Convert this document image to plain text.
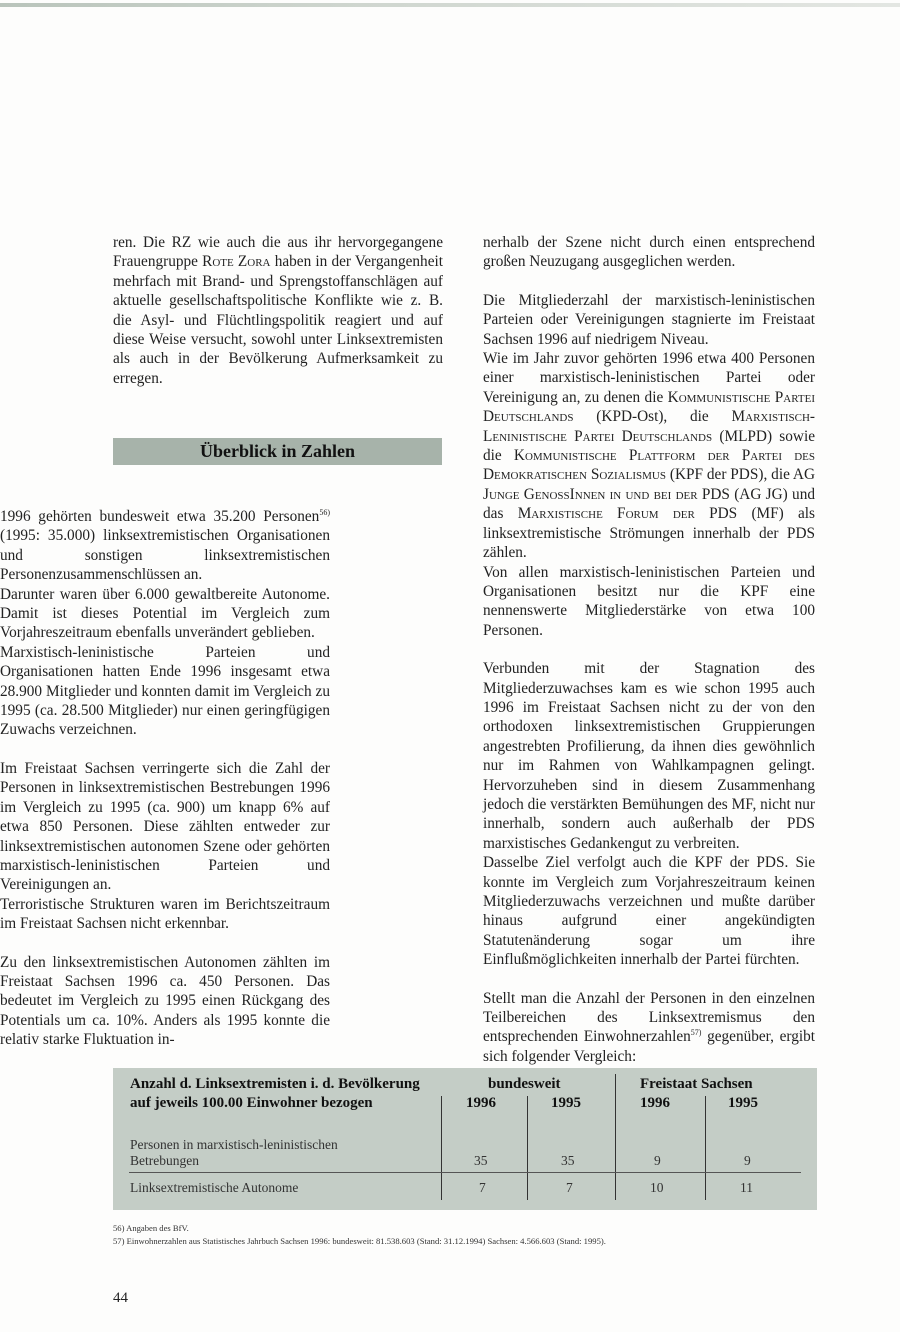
ren. Die RZ wie auch die aus ihr hervorgegangene Frauengruppe Rote Zora haben in der Vergangenheit mehrfach mit Brand- und Sprengstoffanschlägen auf aktuelle gesellschaftspolitische Konflikte wie z. B. die Asyl- und Flüchtlingspolitik reagiert und auf diese Weise versucht, sowohl unter Linksextremisten als auch in der Bevölkerung Aufmerksamkeit zu erregen.

Überblick in Zahlen

1996 gehörten bundesweit etwa 35.200 Personen$^{56)}$ (1995: 35.000) linksextremistischen Organisationen und sonstigen linksextremistischen Personenzusammenschlüssen an.

Darunter waren über 6.000 gewaltbereite Autonome. Damit ist dieses Potential im Vergleich zum Vorjahreszeitraum ebenfalls unverändert geblieben.

Marxistisch-leninistische Parteien und Organisationen hatten Ende 1996 insgesamt etwa 28.900 Mitglieder und konnten damit im Vergleich zu 1995 (ca. 28.500 Mitglieder) nur einen geringfügigen Zuwachs verzeichnen.

Im Freistaat Sachsen verringerte sich die Zahl der Personen in linksextremistischen Bestrebungen 1996 im Vergleich zu 1995 (ca. 900) um knapp 6% auf etwa 850 Personen. Diese zählten entweder zur linksextremistischen autonomen Szene oder gehörten marxistisch-leninistischen Parteien und Vereinigungen an.

Terroristische Strukturen waren im Berichtszeitraum im Freistaat Sachsen nicht erkennbar.

Zu den linksextremistischen Autonomen zählten im Freistaat Sachsen 1996 ca. 450 Personen. Das bedeutet im Vergleich zu 1995 einen Rückgang des Potentials um ca. 10%. Anders als 1995 konnte die relativ starke Fluktuation in-

nerhalb der Szene nicht durch einen entsprechend großen Neuzugang ausgeglichen werden.

Die Mitgliederzahl der marxistisch-leninistischen Parteien oder Vereinigungen stagnierte im Freistaat Sachsen 1996 auf niedrigem Niveau.

Wie im Jahr zuvor gehörten 1996 etwa 400 Personen einer marxistisch-leninistischen Partei oder Vereinigung an, zu denen die Kommunistische Partei Deutschlands (KPD-Ost), die Marxistisch-Leninistische Partei Deutschlands (MLPD) sowie die Kommunistische Plattform der Partei des Demokratischen Sozialismus (KPF der PDS), die AG Junge GenossInnen in und bei der PDS (AG JG) und das Marxistische Forum der PDS (MF) als linksextremistische Strömungen innerhalb der PDS zählen.

Von allen marxistisch-leninistischen Parteien und Organisationen besitzt nur die KPF eine nennenswerte Mitgliederstärke von etwa 100 Personen.

Verbunden mit der Stagnation des Mitgliederzuwachses kam es wie schon 1995 auch 1996 im Freistaat Sachsen nicht zu der von den orthodoxen linksextremistischen Gruppierungen angestrebten Profilierung, da ihnen dies gewöhnlich nur im Rahmen von Wahlkampagnen gelingt. Hervorzuheben sind in diesem Zusammenhang jedoch die verstärkten Bemühungen des MF, nicht nur innerhalb, sondern auch außerhalb der PDS marxistisches Gedankengut zu verbreiten.

Dasselbe Ziel verfolgt auch die KPF der PDS. Sie konnte im Vergleich zum Vorjahreszeitraum keinen Mitgliederzuwachs verzeichnen und mußte darüber hinaus aufgrund einer angekündigten Statutenänderung sogar um ihre Einflußmöglichkeiten innerhalb der Partei fürchten.

Stellt man die Anzahl der Personen in den einzelnen Teilbereichen des Linksextremismus den entsprechenden Einwohnerzahlen$^{57)}$ gegenüber, ergibt sich folgender Vergleich:

Anzahl d. Linksextremisten i. d. Bevölkerung
auf jeweils 100.00 Einwohner bezogen
bundesweit	Freistaat Sachsen
1996	1995	1996	1995
Personen in marxistisch-leninistischen
Betrebungen	35	35	9	9
Linksextremistische Autonome	7	7	10	11
56) Angaben des BfV.
57) Einwohnerzahlen aus Statistisches Jahrbuch Sachsen 1996: bundesweit: 81.538.603 (Stand: 31.12.1994) Sachsen: 4.566.603 (Stand: 1995).
44
